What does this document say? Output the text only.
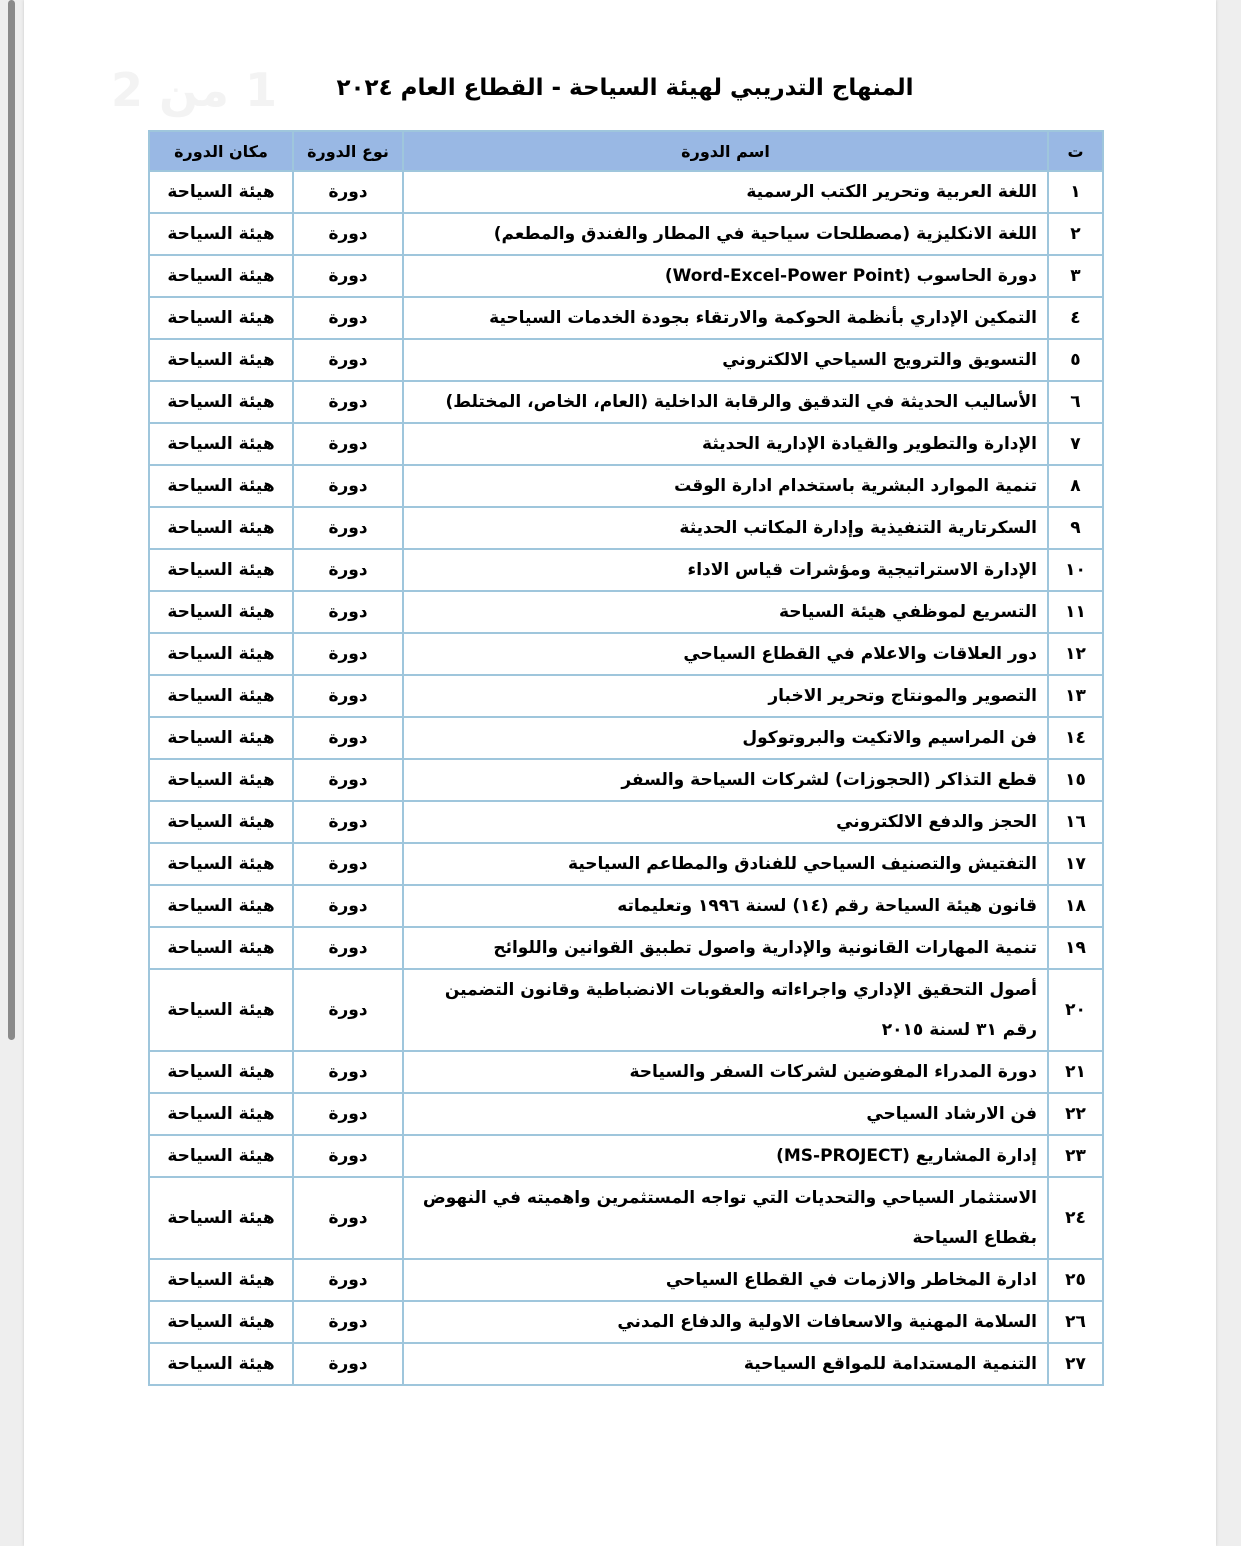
1 من 2	المنهاج التدريبي لهيئة السياحة - القطاع العام ٢٠٢٤
ت	اسم الدورة	نوع الدورة	مكان الدورة
١	اللغة العربية وتحرير الكتب الرسمية	دورة	هيئة السياحة
٢	اللغة الانكليزية (مصطلحات سياحية في المطار والفندق والمطعم)	دورة	هيئة السياحة
٣	دورة الحاسوب (Word-Excel-Power Point)	دورة	هيئة السياحة
٤	التمكين الإداري بأنظمة الحوكمة والارتقاء بجودة الخدمات السياحية	دورة	هيئة السياحة
٥	التسويق والترويج السياحي الالكتروني	دورة	هيئة السياحة
٦	الأساليب الحديثة في التدقيق والرقابة الداخلية (العام، الخاص، المختلط)	دورة	هيئة السياحة
٧	الإدارة والتطوير والقيادة الإدارية الحديثة	دورة	هيئة السياحة
٨	تنمية الموارد البشرية باستخدام ادارة الوقت	دورة	هيئة السياحة
٩	السكرتارية التنفيذية وإدارة المكاتب الحديثة	دورة	هيئة السياحة
١٠	الإدارة الاستراتيجية ومؤشرات قياس الاداء	دورة	هيئة السياحة
١١	التسريع لموظفي هيئة السياحة	دورة	هيئة السياحة
١٢	دور العلاقات والاعلام في القطاع السياحي	دورة	هيئة السياحة
١٣	التصوير والمونتاج وتحرير الاخبار	دورة	هيئة السياحة
١٤	فن المراسيم والاتكيت والبروتوكول	دورة	هيئة السياحة
١٥	قطع التذاكر (الحجوزات) لشركات السياحة والسفر	دورة	هيئة السياحة
١٦	الحجز والدفع الالكتروني	دورة	هيئة السياحة
١٧	التفتيش والتصنيف السياحي للفنادق والمطاعم السياحية	دورة	هيئة السياحة
١٨	قانون هيئة السياحة رقم (١٤) لسنة ١٩٩٦ وتعليماته	دورة	هيئة السياحة
١٩	تنمية المهارات القانونية والإدارية واصول تطبيق القوانين واللوائح	دورة	هيئة السياحة
٢٠	أصول التحقيق الإداري واجراءاته والعقوبات الانضباطية وقانون التضمين رقم ٣١ لسنة ٢٠١٥	دورة	هيئة السياحة
٢١	دورة المدراء المفوضين لشركات السفر والسياحة	دورة	هيئة السياحة
٢٢	فن الارشاد السياحي	دورة	هيئة السياحة
٢٣	إدارة المشاريع (MS-PROJECT)	دورة	هيئة السياحة
٢٤	الاستثمار السياحي والتحديات التي تواجه المستثمرين واهميته في النهوض بقطاع السياحة	دورة	هيئة السياحة
٢٥	ادارة المخاطر والازمات في القطاع السياحي	دورة	هيئة السياحة
٢٦	السلامة المهنية والاسعافات الاولية والدفاع المدني	دورة	هيئة السياحة
٢٧	التنمية المستدامة للمواقع السياحية	دورة	هيئة السياحة
